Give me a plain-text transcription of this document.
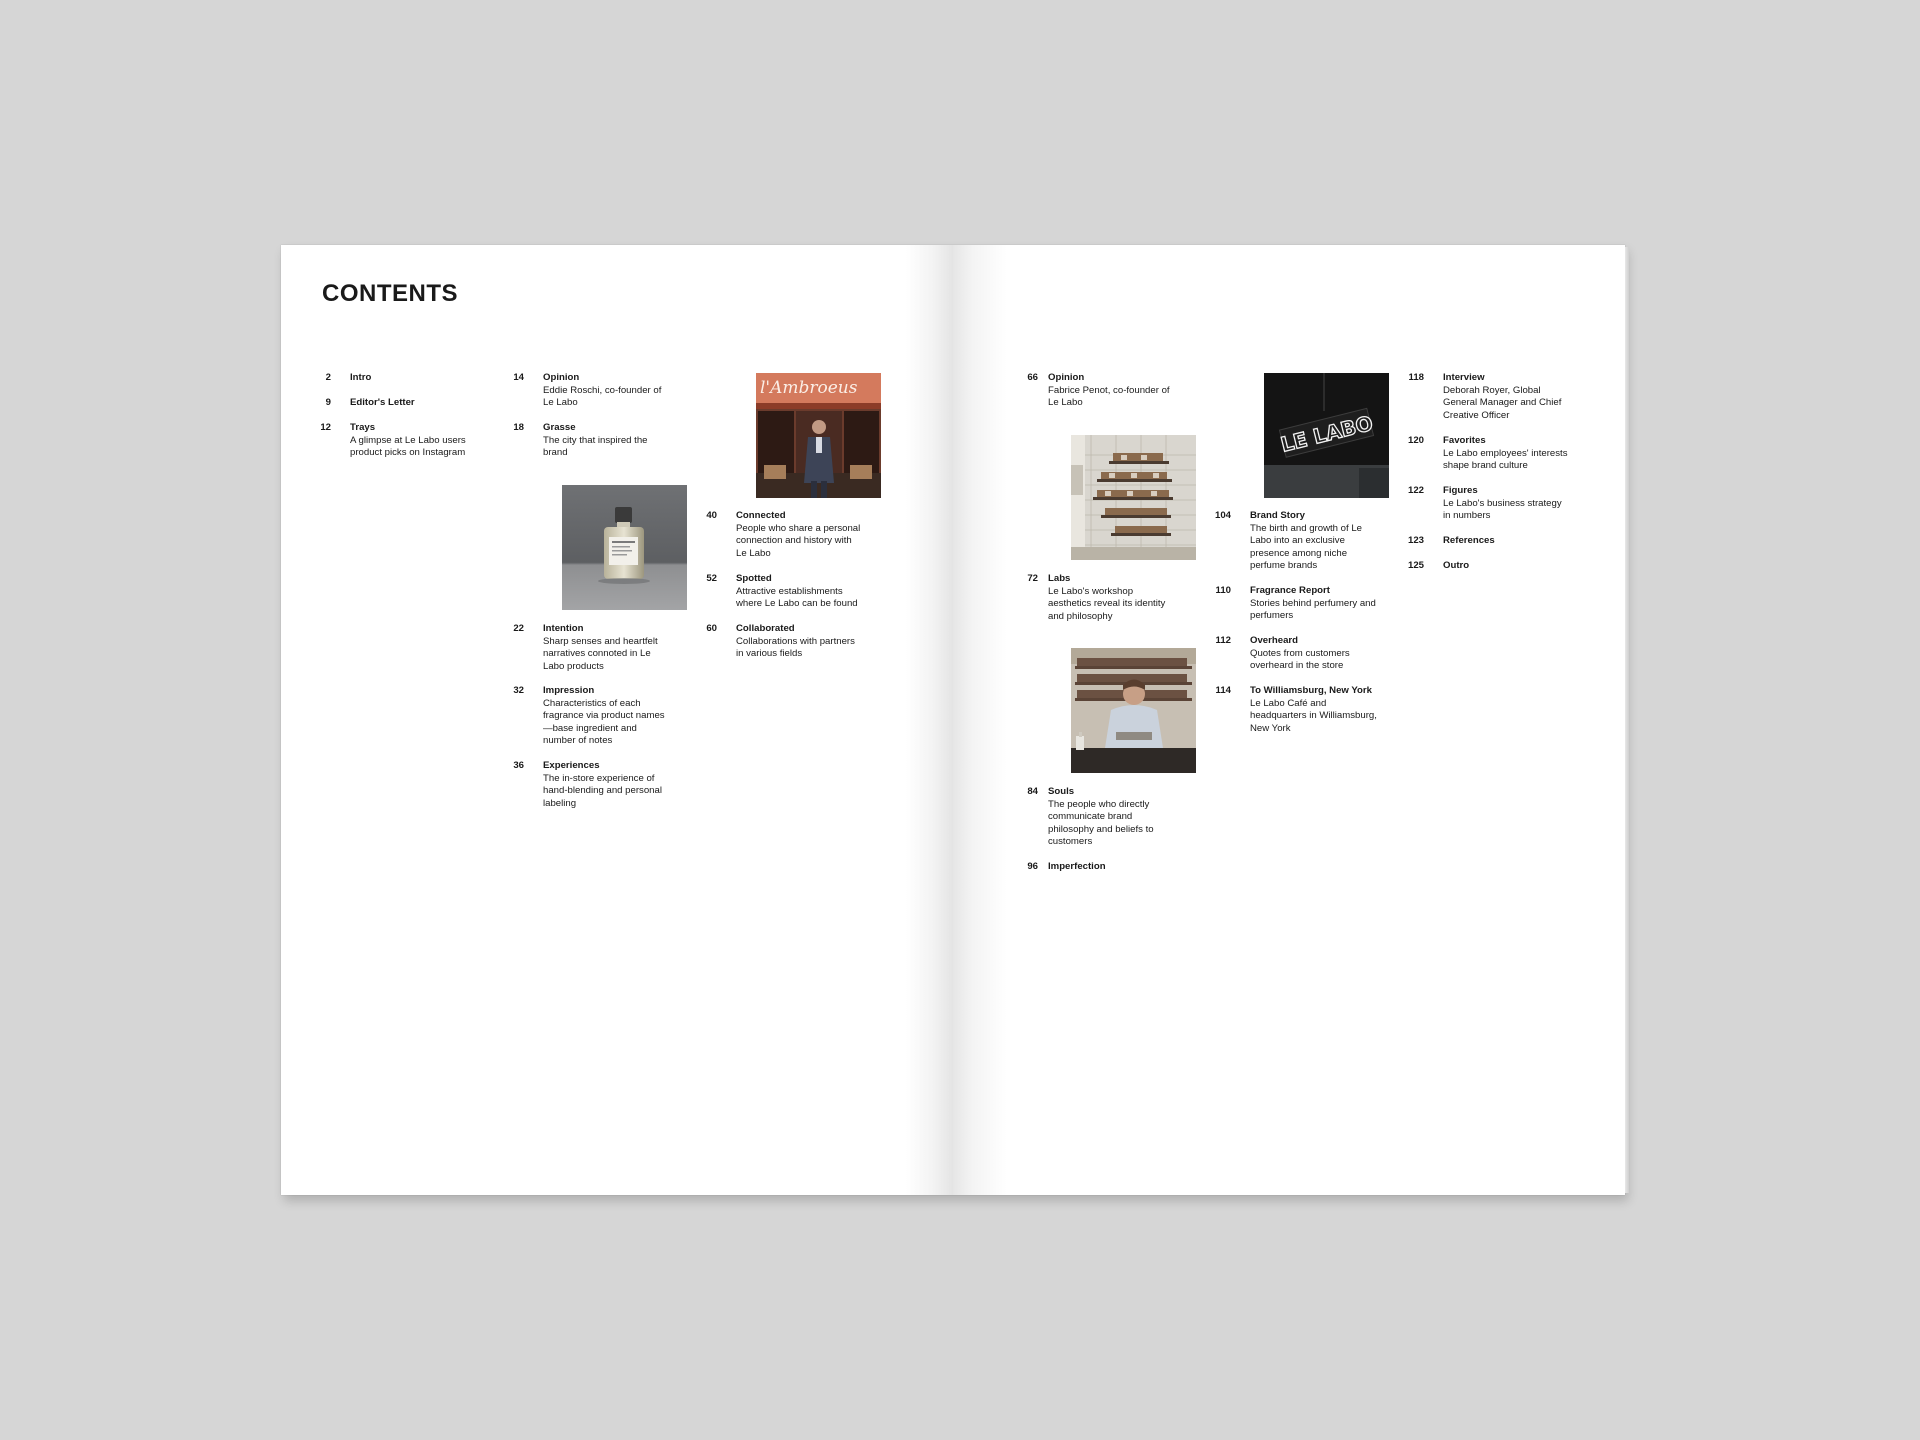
CONTENTS
2 Intro
9 Editor's Letter
12 Trays
A glimpse at Le Labo users product picks on Instagram
14 Opinion
Eddie Roschi, co-founder of Le Labo
18 Grasse
The city that inspired the brand
22 Intention
Sharp senses and heartfelt narratives connoted in Le Labo products
32 Impression
Characteristics of each fragrance via product names—base ingredient and number of notes
36 Experiences
The in-store experience of hand-blending and personal labeling
l'Ambroeus
40 Connected
People who share a personal connection and history with Le Labo
52 Spotted
Attractive establishments where Le Labo can be found
60 Collaborated
Collaborations with partners in various fields
66 Opinion
Fabrice Penot, co-founder of Le Labo
72 Labs
Le Labo's workshop aesthetics reveal its identity and philosophy
84 Souls
The people who directly communicate brand philosophy and beliefs to customers
96 Imperfection
LE LABO
104 Brand Story
The birth and growth of Le Labo into an exclusive presence among niche perfume brands
110 Fragrance Report
Stories behind perfumery and perfumers
112 Overheard
Quotes from customers overheard in the store
114 To Williamsburg, New York
Le Labo Café and headquarters in Williamsburg, New York
118 Interview
Deborah Royer, Global General Manager and Chief Creative Officer
120 Favorites
Le Labo employees' interests shape brand culture
122 Figures
Le Labo's business strategy in numbers
123 References
125 Outro
